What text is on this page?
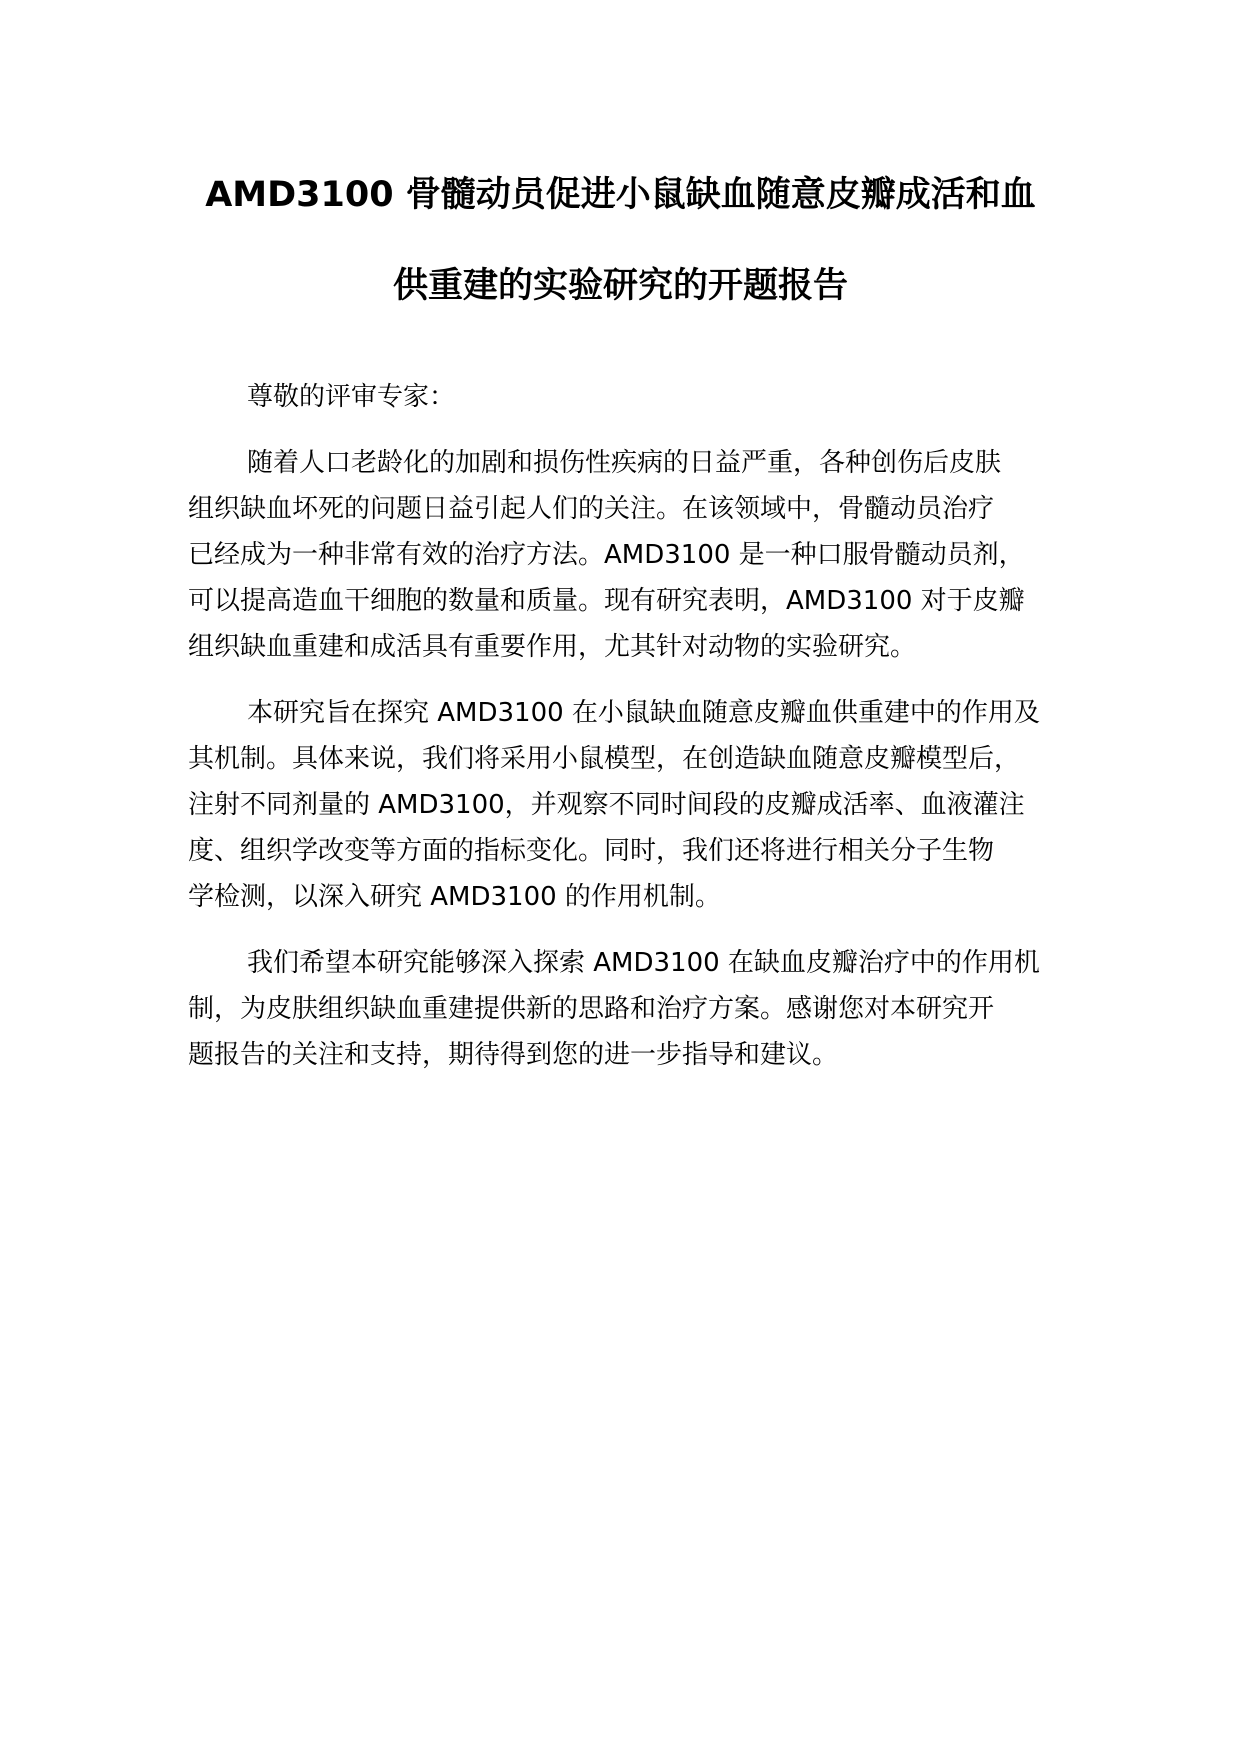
AMD3100 骨髓动员促进小鼠缺血随意皮瓣成活和血
供重建的实验研究的开题报告

尊敬的评审专家：

随着人口老龄化的加剧和损伤性疾病的日益严重，各种创伤后皮肤
组织缺血坏死的问题日益引起人们的关注。在该领域中，骨髓动员治疗
已经成为一种非常有效的治疗方法。AMD3100 是一种口服骨髓动员剂，
可以提高造血干细胞的数量和质量。现有研究表明，AMD3100 对于皮瓣
组织缺血重建和成活具有重要作用，尤其针对动物的实验研究。

本研究旨在探究 AMD3100 在小鼠缺血随意皮瓣血供重建中的作用及
其机制。具体来说，我们将采用小鼠模型，在创造缺血随意皮瓣模型后，
注射不同剂量的 AMD3100，并观察不同时间段的皮瓣成活率、血液灌注
度、组织学改变等方面的指标变化。同时，我们还将进行相关分子生物
学检测，以深入研究 AMD3100 的作用机制。

我们希望本研究能够深入探索 AMD3100 在缺血皮瓣治疗中的作用机
制，为皮肤组织缺血重建提供新的思路和治疗方案。感谢您对本研究开
题报告的关注和支持，期待得到您的进一步指导和建议。
